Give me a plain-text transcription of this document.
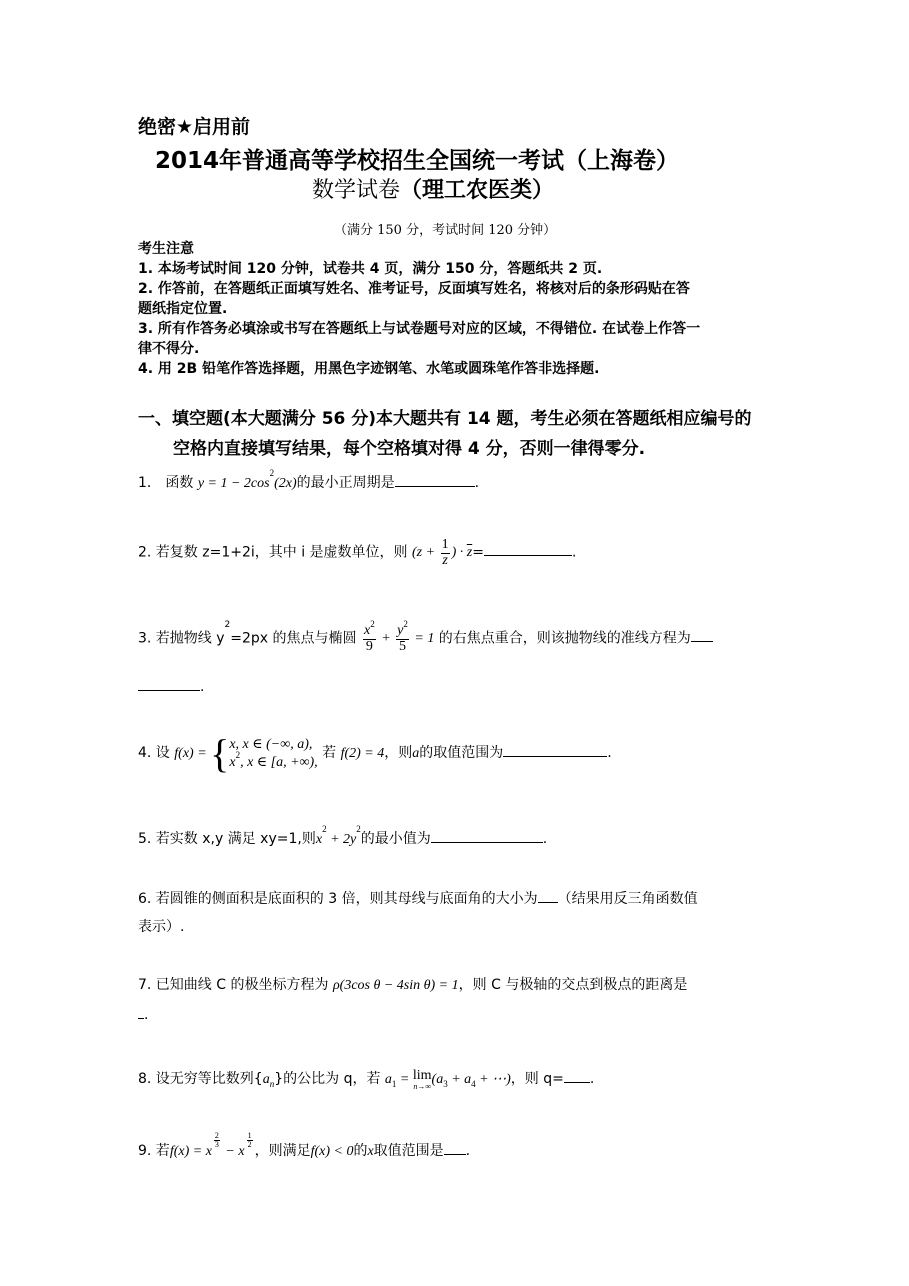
绝密★启用前
2014年普通高等学校招生全国统一考试（上海卷）
数学试卷（理工农医类）
（满分 150 分，考试时间 120 分钟）
考生注意
1. 本场考试时间 120 分钟，试卷共 4 页，满分 150 分，答题纸共 2 页.
2. 作答前，在答题纸正面填写姓名、准考证号，反面填写姓名，将核对后的条形码贴在答
题纸指定位置.
3. 所有作答务必填涂或书写在答题纸上与试卷题号对应的区域，不得错位. 在试卷上作答一
律不得分.
4. 用 2B 铅笔作答选择题，用黑色字迹钢笔、水笔或圆珠笔作答非选择题.
一、填空题(本大题满分 56 分)本大题共有 14 题，考生必须在答题纸相应编号的
空格内直接填写结果，每个空格填对得 4 分，否则一律得零分.
1． 函数 $y = 1 - 2\cos^2(2x)$的最小正周期是	.
2. 若复数 z=1+2i，其中 i 是虚数单位，则 ($z + \frac{1}{z}$ ) · $\overline{z}=$	.
3. 若抛物线 $y^2=2px$ 的焦点与椭圆 $\frac{x^2}{9} + \frac{y^2}{5} = 1$ 的右焦点重合，则该抛物线的准线方程为
.
4. 设 f(x) = { x, x ∈ (−∞, a),
$x^2$, x ∈ [a, +∞),
若 f(2) = 4，则a的取值范围为	.
5. 若实数 x,y 满足 xy=1,则$x^2 + 2y^2$的最小值为	.
6. 若圆锥的侧面积是底面积的 3 倍，则其母线与底面角的大小为 （结果用反三角函数值
表示）.
7. 已知曲线 C 的极坐标方程为 ρ(3cos θ − 4sin θ) = 1，则 C 与极轴的交点到极点的距离是
.
8. 设无穷等比数列$\{a_n\}$的公比为 q，若 $a_1 = \lim$
n→∞ ($a_3 + a_4$ + ⋯)，则 q= .
9. 若f(x) = x
$^{\frac{2}{3}}$
− x
$^{\frac{1}{2}}$
，则满足f(x) < 0的x取值范围是 .
